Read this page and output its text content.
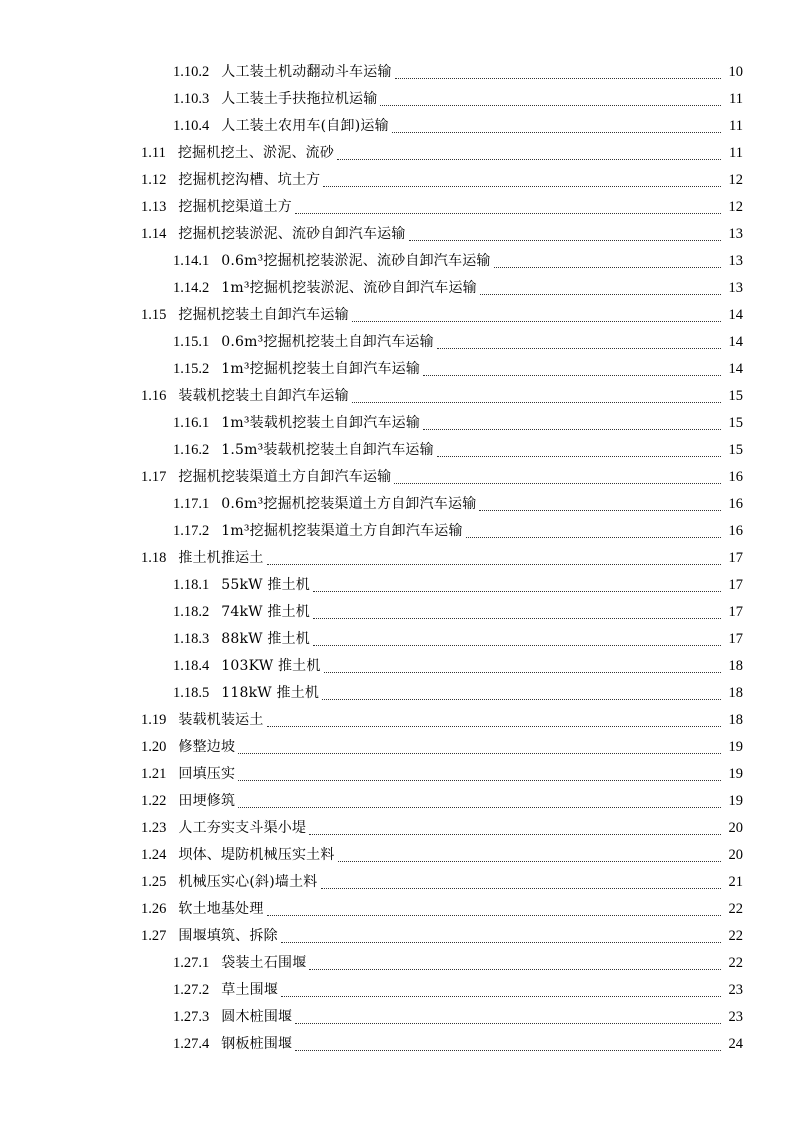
1.10.2 人工装土机动翻动斗车运输	10
1.10.3 人工装土手扶拖拉机运输	11
1.10.4 人工装土农用车(自卸)运输	11
1.11 挖掘机挖土、淤泥、流砂	11
1.12 挖掘机挖沟槽、坑土方	12
1.13 挖掘机挖渠道土方	12
1.14 挖掘机挖装淤泥、流砂自卸汽车运输	13
1.14.1 0.6m³挖掘机挖装淤泥、流砂自卸汽车运输	13
1.14.2 1m³挖掘机挖装淤泥、流砂自卸汽车运输	13
1.15 挖掘机挖装土自卸汽车运输	14
1.15.1 0.6m³挖掘机挖装土自卸汽车运输	14
1.15.2 1m³挖掘机挖装土自卸汽车运输	14
1.16 装载机挖装土自卸汽车运输	15
1.16.1 1m³装载机挖装土自卸汽车运输	15
1.16.2 1.5m³装载机挖装土自卸汽车运输	15
1.17 挖掘机挖装渠道土方自卸汽车运输	16
1.17.1 0.6m³挖掘机挖装渠道土方自卸汽车运输	16
1.17.2 1m³挖掘机挖装渠道土方自卸汽车运输	16
1.18 推土机推运土	17
1.18.1 55kW 推土机	17
1.18.2 74kW 推土机	17
1.18.3 88kW 推土机	17
1.18.4 103KW 推土机	18
1.18.5 118kW 推土机	18
1.19 装载机装运土	18
1.20 修整边坡	19
1.21 回填压实	19
1.22 田埂修筑	19
1.23 人工夯实支斗渠小堤	20
1.24 坝体、堤防机械压实土料	20
1.25 机械压实心(斜)墙土料	21
1.26 软土地基处理	22
1.27 围堰填筑、拆除	22
1.27.1 袋装土石围堰	22
1.27.2 草土围堰	23
1.27.3 圆木桩围堰	23
1.27.4 钢板桩围堰	24
